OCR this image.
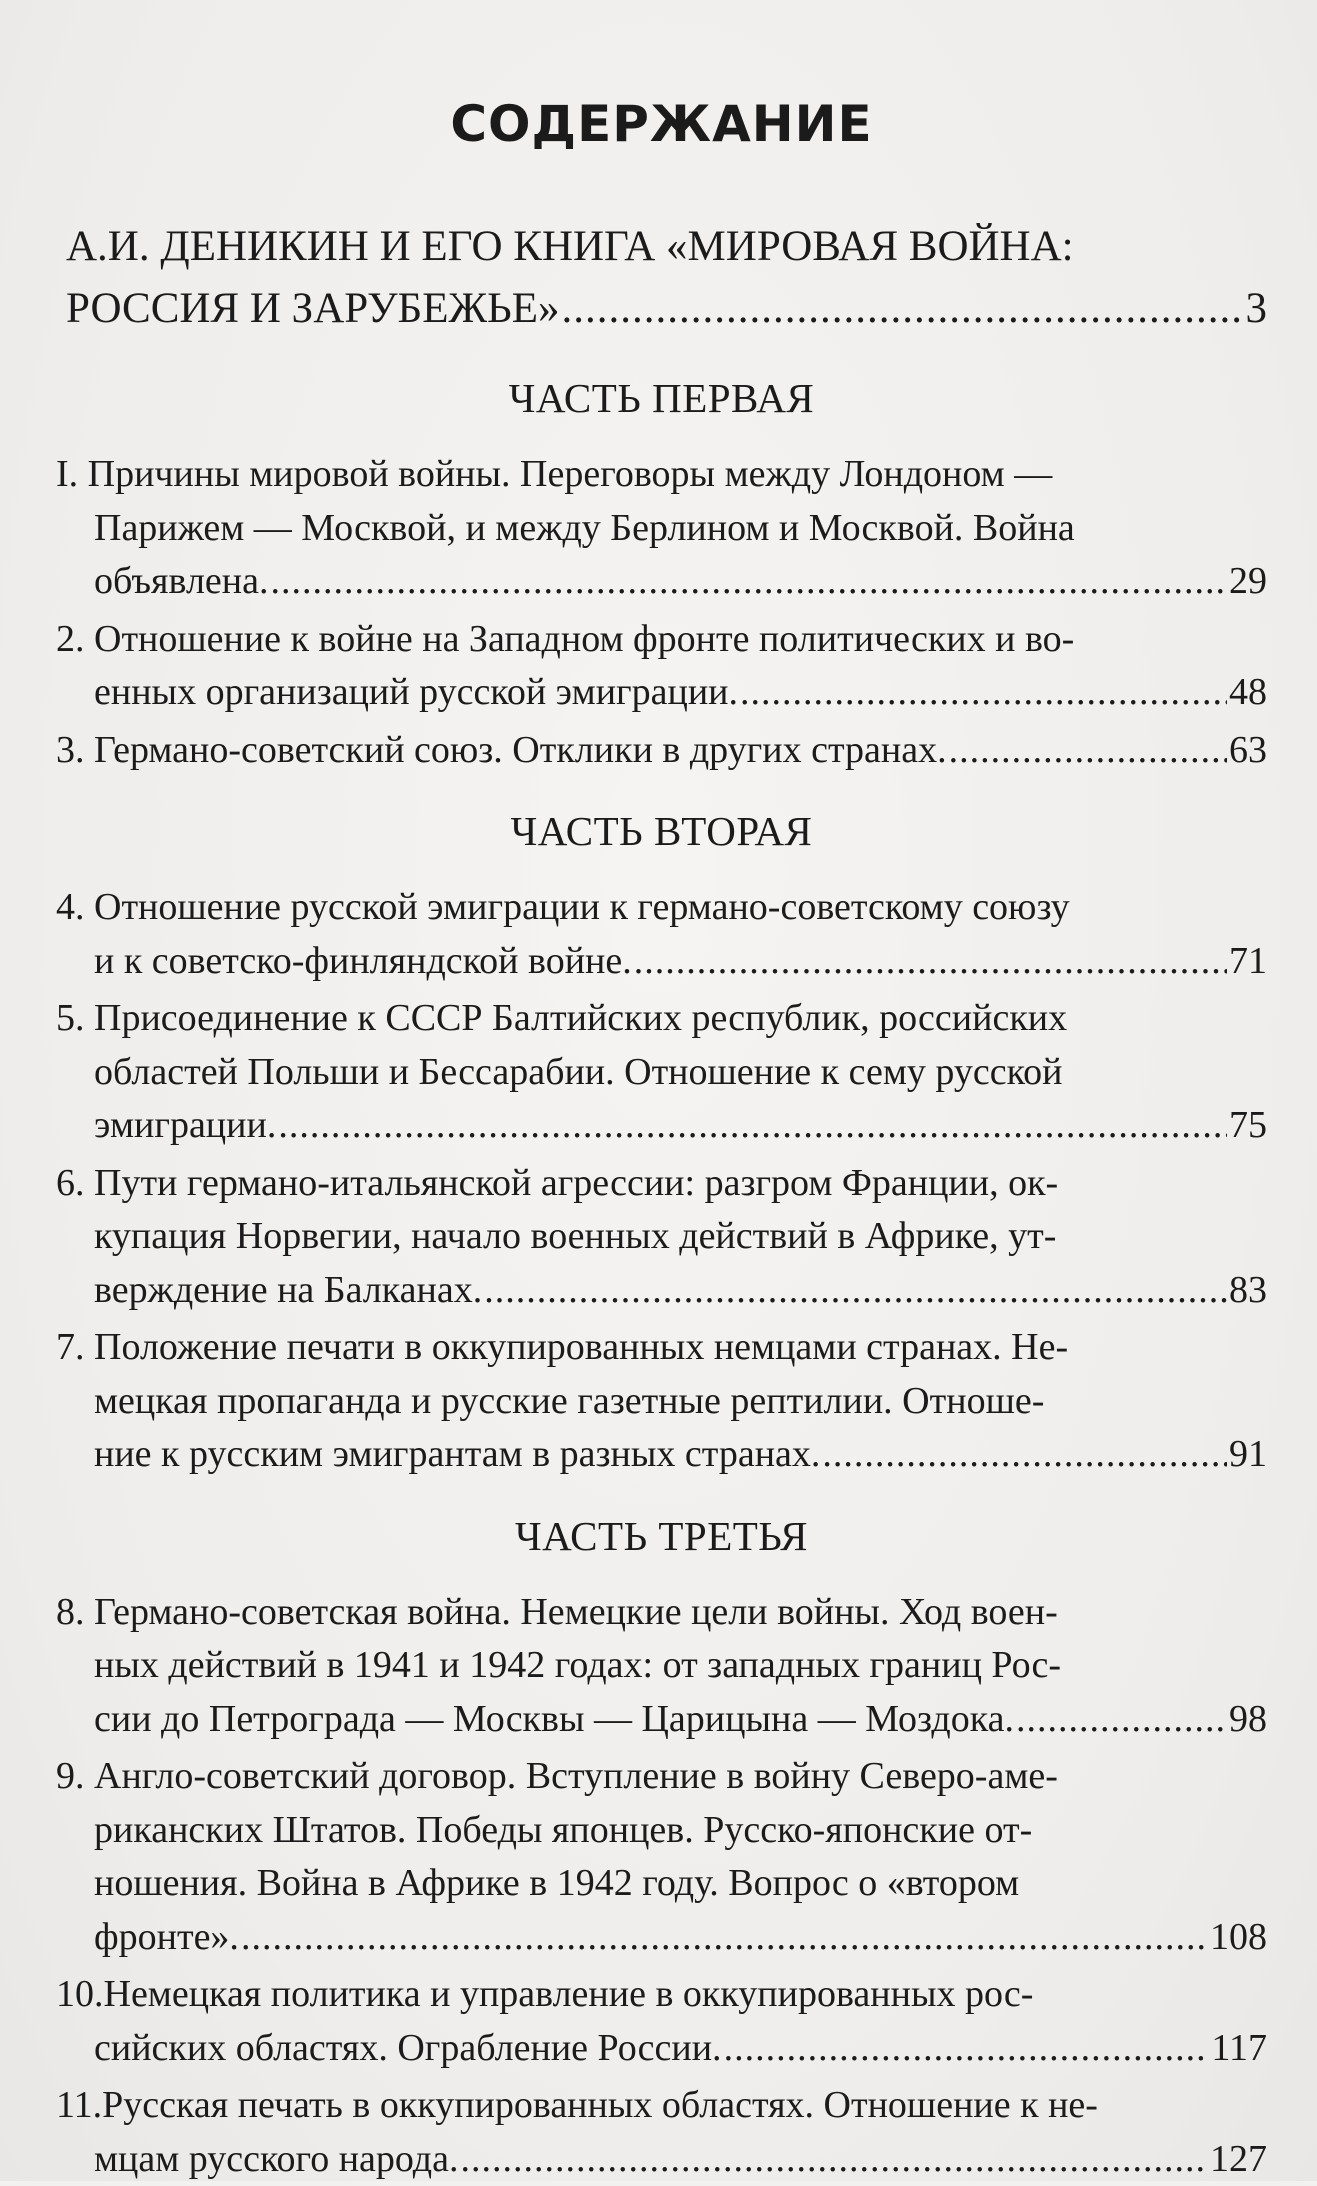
СОДЕРЖАНИЕ
А.И. ДЕНИКИН И ЕГО КНИГА «МИРОВАЯ ВОЙНА:
РОССИЯ И ЗАРУБЕЖЬЕ» .....	3
ЧАСТЬ ПЕРВАЯ
I. Причины мировой войны. Переговоры между Лондоном —
Парижем — Москвой, и между Берлином и Москвой. Война
объявлена. .....	29
2. Отношение к войне на Западном фронте политических и во-
енных организаций русской эмиграции. .....	48
3. Германо-советский союз. Отклики в других странах. .....	63
ЧАСТЬ ВТОРАЯ
4. Отношение русской эмиграции к германо-советскому союзу
и к советско-финляндской войне. .....	71
5. Присоединение к СССР Балтийских республик, российских
областей Польши и Бессарабии. Отношение к сему русской
эмиграции. .....	75
6. Пути германо-итальянской агрессии: разгром Франции, ок-
купация Норвегии, начало военных действий в Африке, ут-
верждение на Балканах. .....	83
7. Положение печати в оккупированных немцами странах. Не-
мецкая пропаганда и русские газетные рептилии. Отноше-
ние к русским эмигрантам в разных странах. .....	91
ЧАСТЬ ТРЕТЬЯ
8. Германо-советская война. Немецкие цели войны. Ход воен-
ных действий в 1941 и 1942 годах: от западных границ Рос-
сии до Петрограда — Москвы — Царицына — Моздока. .....	98
9. Англо-советский договор. Вступление в войну Северо-аме-
риканских Штатов. Победы японцев. Русско-японские от-
ношения. Война в Африке в 1942 году. Вопрос о «втором
фронте». .....	108
10.Немецкая политика и управление в оккупированных рос-
сийских областях. Ограбление России. .....	117
11.Русская печать в оккупированных областях. Отношение к не-
мцам русского народа. .....	127
